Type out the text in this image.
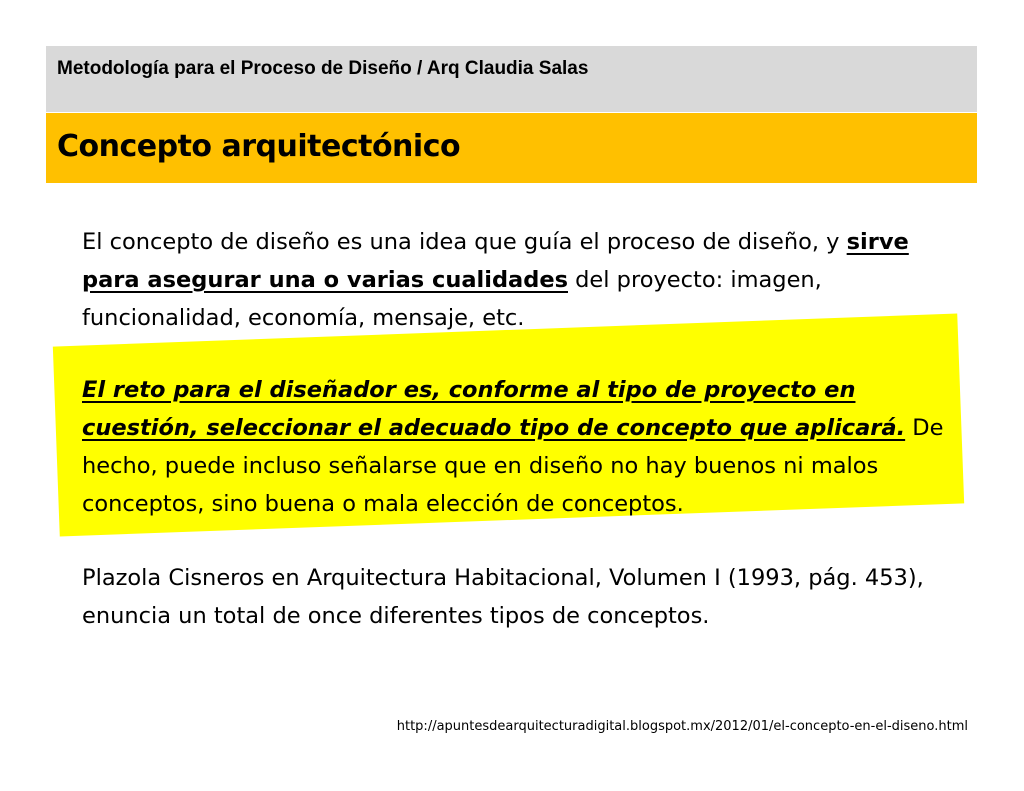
Metodología para el Proceso de Diseño / Arq Claudia Salas
Concepto arquitectónico
El concepto de diseño es una idea que guía el proceso de diseño, y sirve para asegurar una o varias cualidades del proyecto: imagen, funcionalidad, economía, mensaje, etc.
El reto para el diseñador es, conforme al tipo de proyecto en cuestión, seleccionar el adecuado tipo de concepto que aplicará. De hecho, puede incluso señalarse que en diseño no hay buenos ni malos conceptos, sino buena o mala elección de conceptos.
Plazola Cisneros en Arquitectura Habitacional, Volumen I (1993, pág. 453), enuncia un total de once diferentes tipos de conceptos.
http://apuntesdearquitecturadigital.blogspot.mx/2012/01/el-concepto-en-el-diseno.html
